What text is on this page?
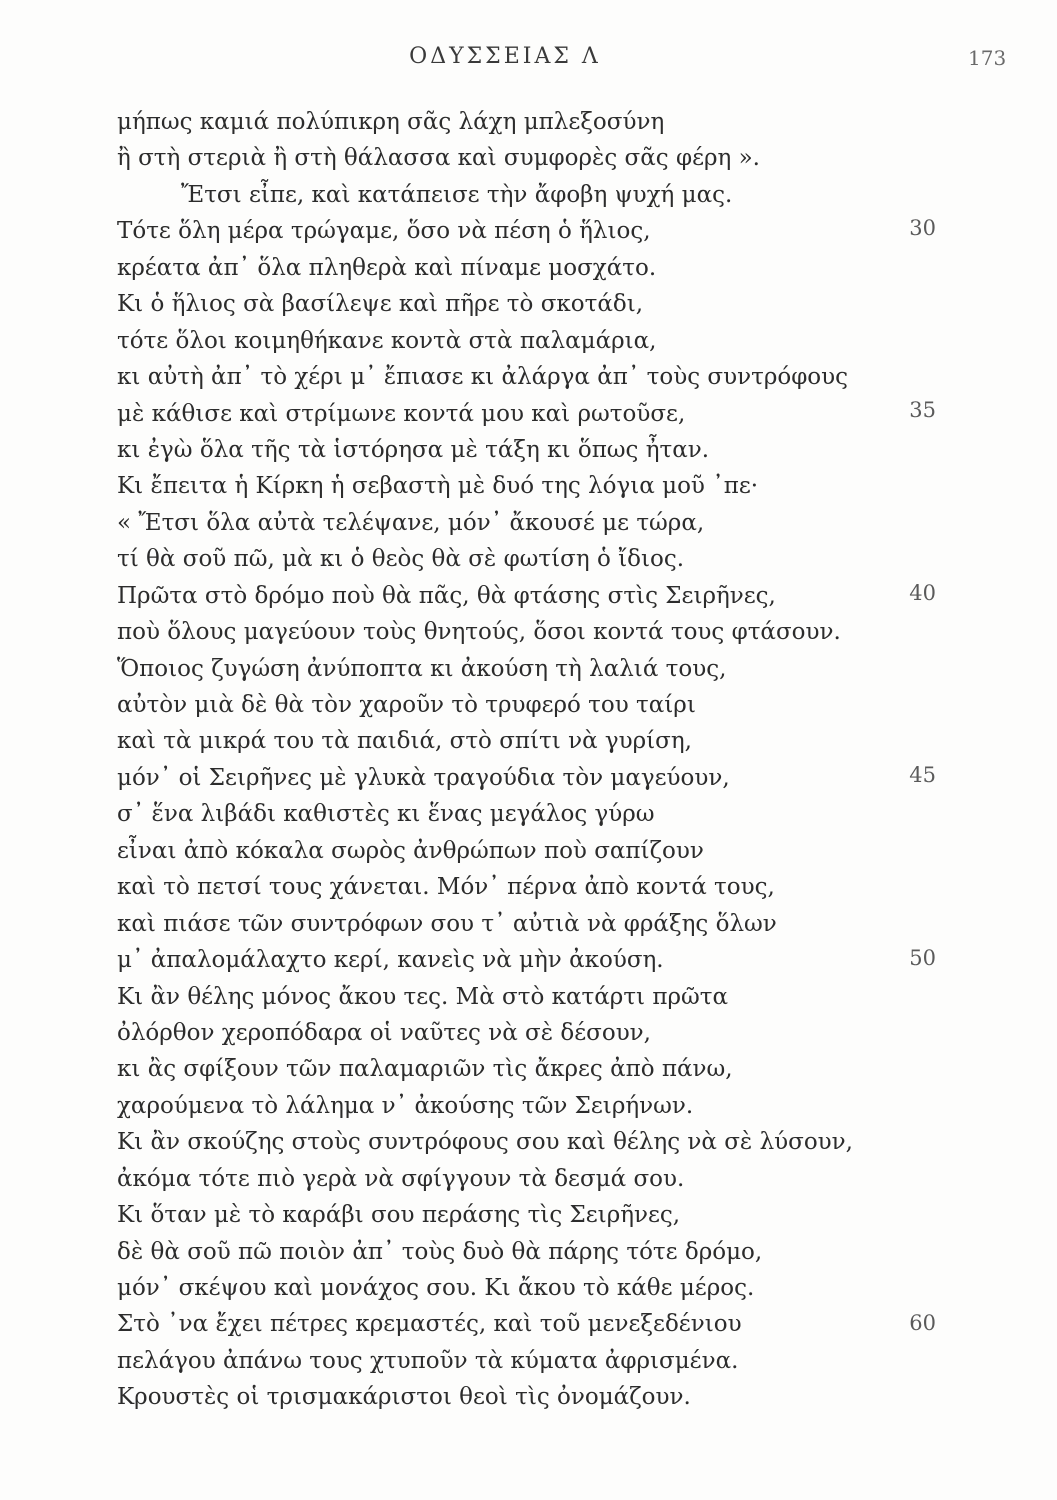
ΟΔΥΣΣΕΙΑΣ Λ	173
μήπως καμιά πολύπικρη σᾶς λάχη μπλεξοσύνη
ἢ στὴ στεριὰ ἢ στὴ θάλασσα καὶ συμφορὲς σᾶς φέρη ».
Ἔτσι εἶπε, καὶ κατάπεισε τὴν ἄφοβη ψυχή μας.
Τότε ὅλη μέρα τρώγαμε, ὅσο νὰ πέση ὁ ἥλιος,
κρέατα ἀπ᾽ ὅλα πληθερὰ καὶ πίναμε μοσχάτο.
Κι ὁ ἥλιος σὰ βασίλεψε καὶ πῆρε τὸ σκοτάδι,
τότε ὅλοι κοιμηθήκανε κοντὰ στὰ παλαμάρια,
κι αὐτὴ ἀπ᾽ τὸ χέρι μ᾽ ἔπιασε κι ἀλάργα ἀπ᾽ τοὺς συντρόφους
μὲ κάθισε καὶ στρίμωνε κοντά μου καὶ ρωτοῦσε,
κι ἐγὼ ὅλα τῆς τὰ ἱστόρησα μὲ τάξη κι ὅπως ἦταν.
Κι ἔπειτα ἡ Κίρκη ἡ σεβαστὴ μὲ δυό της λόγια μοῦ ᾽πε·
« Ἔτσι ὅλα αὐτὰ τελέψανε, μόν᾽ ἄκουσέ με τώρα,
τί θὰ σοῦ πῶ, μὰ κι ὁ θεὸς θὰ σὲ φωτίση ὁ ἴδιος.
Πρῶτα στὸ δρόμο ποὺ θὰ πᾶς, θὰ φτάσης στὶς Σειρῆνες,
ποὺ ὅλους μαγεύουν τοὺς θνητούς, ὅσοι κοντά τους φτάσουν.
Ὅποιος ζυγώση ἀνύποπτα κι ἀκούση τὴ λαλιά τους,
αὐτὸν μιὰ δὲ θὰ τὸν χαροῦν τὸ τρυφερό του ταίρι
καὶ τὰ μικρά του τὰ παιδιά, στὸ σπίτι νὰ γυρίση,
μόν᾽ οἱ Σειρῆνες μὲ γλυκὰ τραγούδια τὸν μαγεύουν,
σ᾽ ἕνα λιβάδι καθιστὲς κι ἕνας μεγάλος γύρω
εἶναι ἀπὸ κόκαλα σωρὸς ἀνθρώπων ποὺ σαπίζουν
καὶ τὸ πετσί τους χάνεται. Μόν᾽ πέρνα ἀπὸ κοντά τους,
καὶ πιάσε τῶν συντρόφων σου τ᾽ αὐτιὰ νὰ φράξης ὅλων
μ᾽ ἀπαλομάλαχτο κερί, κανεὶς νὰ μὴν ἀκούση.
Κι ἂν θέλης μόνος ἄκου τες. Μὰ στὸ κατάρτι πρῶτα
ὀλόρθον χεροπόδαρα οἱ ναῦτες νὰ σὲ δέσουν,
κι ἂς σφίξουν τῶν παλαμαριῶν τὶς ἄκρες ἀπὸ πάνω,
χαρούμενα τὸ λάλημα ν᾽ ἀκούσης τῶν Σειρήνων.
Κι ἂν σκούζης στοὺς συντρόφους σου καὶ θέλης νὰ σὲ λύσουν,
ἀκόμα τότε πιὸ γερὰ νὰ σφίγγουν τὰ δεσμά σου.
Κι ὅταν μὲ τὸ καράβι σου περάσης τὶς Σειρῆνες,
δὲ θὰ σοῦ πῶ ποιὸν ἀπ᾽ τοὺς δυὸ θὰ πάρης τότε δρόμο,
μόν᾽ σκέψου καὶ μονάχος σου. Κι ἄκου τὸ κάθε μέρος.
Στὸ ᾽να ἔχει πέτρες κρεμαστές, καὶ τοῦ μενεξεδένιου
πελάγου ἀπάνω τους χτυποῦν τὰ κύματα ἀφρισμένα.
Κρουστὲς οἱ τρισμακάριστοι θεοὶ τὶς ὀνομάζουν.
30
35
40
45
50
60
